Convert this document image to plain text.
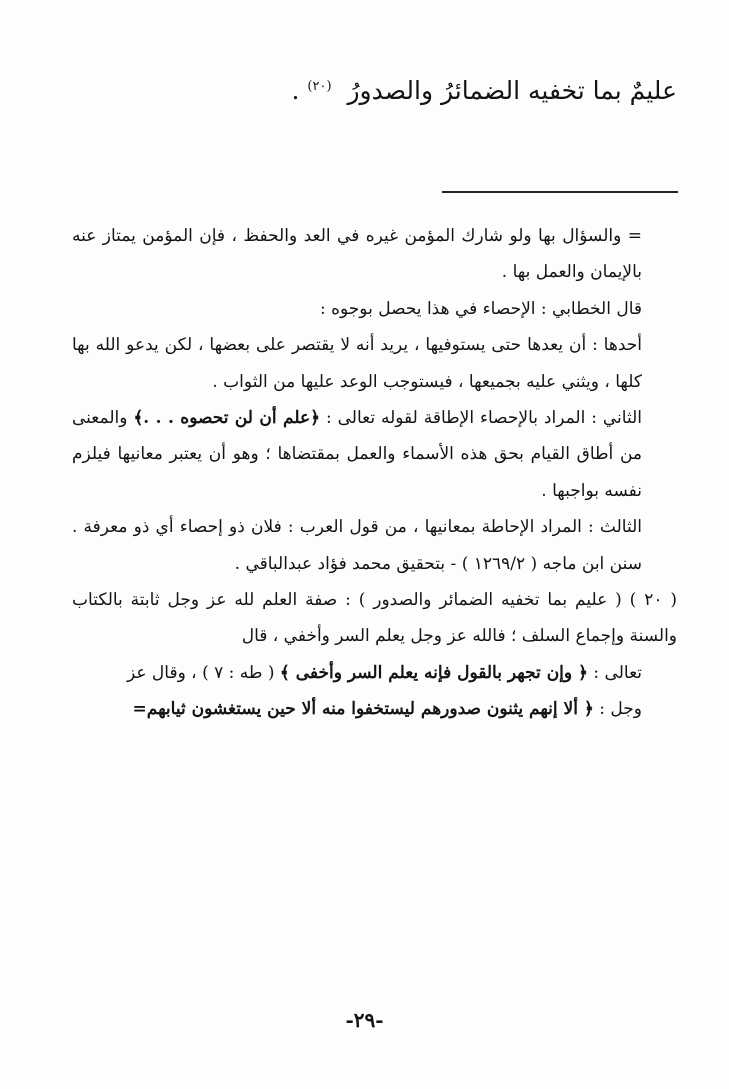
عليمٌ بما تخفيه الضمائرُ والصدورُ $^{(٢٠)}$ .

= والسؤال بها ولو شارك المؤمن غيره في العد والحفظ ، فإن المؤمن يمتاز عنه بالإيمان والعمل بها .

قال الخطابي : الإحصاء في هذا يحصل بوجوه :

أحدها : أن يعدها حتى يستوفيها ، يريد أنه لا يقتصر على بعضها ، لكن يدعو الله بها كلها ، ويثني عليه بجميعها ، فيستوجب الوعد عليها من الثواب .

الثاني : المراد بالإحصاء الإطاقة لقوله تعالى : ﴿علم أن لن تحصوه . . .﴾ والمعنى من أطاق القيام بحق هذه الأسماء والعمل بمقتضاها ؛ وهو أن يعتبر معانيها فيلزم نفسه بواجبها .

الثالث : المراد الإحاطة بمعانيها ، من قول العرب : فلان ذو إحصاء أي ذو معرفة . سنن ابن ماجه ( ١٢٦٩/٢ ) - بتحقيق محمد فؤاد عبدالباقي .

( ٢٠ ) ( عليم بما تخفيه الضمائر والصدور ) : صفة العلم لله عز وجل ثابتة بالكتاب والسنة وإجماع السلف ؛ فالله عز وجل يعلم السر وأخفي ، قال

تعالى : ﴿ وإن تجهر بالقول فإنه يعلم السر وأخفى ﴾ ( طه : ٧ ) ، وقال عز

وجل : ﴿ ألا إنهم يثنون صدورهم ليستخفوا منه ألا حين يستغشون ثيابهم=

-٢٩-
